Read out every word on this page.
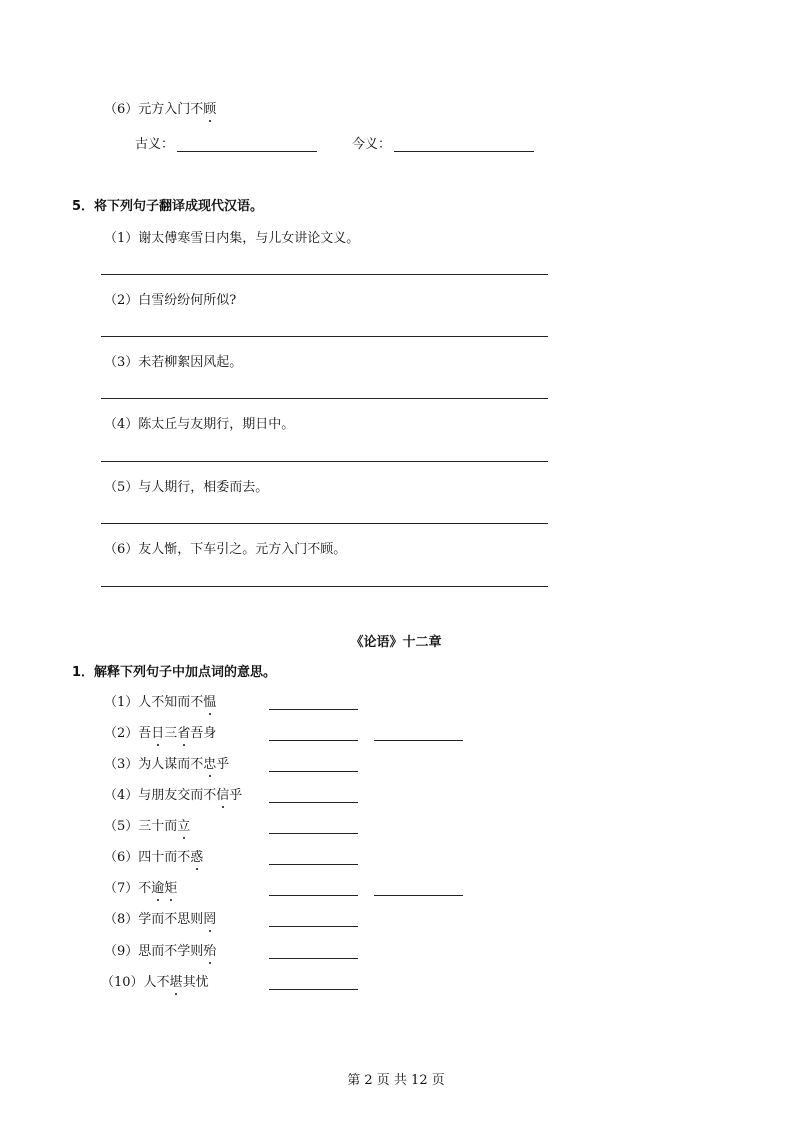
（6）元方入门不顾
古义：	今义：
5．将下列句子翻译成现代汉语。
（1）谢太傅寒雪日内集，与儿女讲论文义。
（2）白雪纷纷何所似?
（3）未若柳絮因风起。
（4）陈太丘与友期行，期日中。
（5）与人期行，相委而去。
（6）友人惭，下车引之。元方入门不顾。
《论语》十二章
1．解释下列句子中加点词的意思。
（1）人不知而不愠
（2）吾日三省吾身
（3）为人谋而不忠乎
（4）与朋友交而不信乎
（5）三十而立
（6）四十而不惑
（7）不逾矩
（8）学而不思则罔
（9）思而不学则殆
（10）人不堪其忧
第 2 页 共 12 页
